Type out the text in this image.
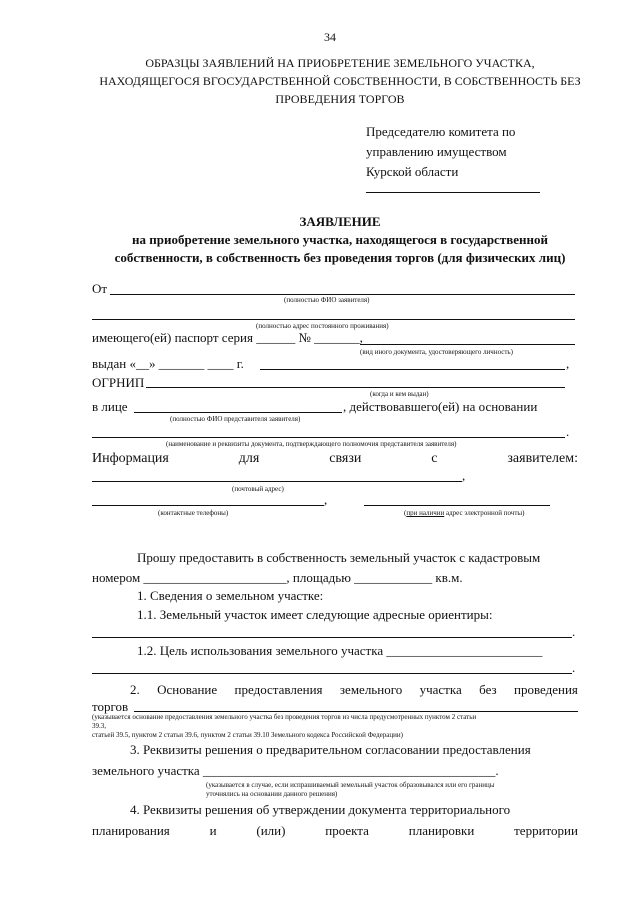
34
ОБРАЗЦЫ ЗАЯВЛЕНИЙ НА ПРИОБРЕТЕНИЕ ЗЕМЕЛЬНОГО УЧАСТКА,
НАХОДЯЩЕГОСЯ ВГОСУДАРСТВЕННОЙ СОБСТВЕННОСТИ, В СОБСТВЕННОСТЬ БЕЗ
ПРОВЕДЕНИЯ ТОРГОВ
Председателю комитета по
управлению имуществом
Курской области
ЗАЯВЛЕНИЕ
на приобретение земельного участка, находящегося в государственной
собственности, в собственность без проведения торгов (для физических лиц)
От
(полностью ФИО заявителя)
(полностью адрес постоянного проживания)
имеющего(ей) паспорт серия ______ № _______,
(вид иного документа, удостоверяющего личность)
выдан «__» _______ ____ г.	,
ОГРНИП
(когда и кем выдан)
в лице	, действовавшего(ей) на основании
(полностью ФИО представителя заявителя)
.
(наименование и реквизиты документа, подтверждающего полномочия представителя заявителя)
Информация	для	связи	с	заявителем:
,
(почтовый адрес)
,
(контактные телефоны)	(при наличии адрес электронной почты)
Прошу предоставить в собственность земельный участок с кадастровым
номером ______________________, площадью ____________ кв.м.
1. Сведения о земельном участке:
1.1. Земельный участок имеет следующие адресные ориентиры:
.
1.2. Цель использования земельного участка ________________________
.
2. Основание предоставления земельного участка без проведения
торгов
(указывается основание предоставления земельного участка без проведения торгов из числа предусмотренных пунктом 2 статьи
39.3,
статьей 39.5, пунктом 2 статьи 39.6, пунктом 2 статьи 39.10 Земельного кодекса Российской Федерации)
3. Реквизиты решения о предварительном согласовании предоставления
земельного участка _____________________________________________.
(указывается в случае, если испрашиваемый земельный участок образовывался или его границы
уточнялись на основании данного решения)
4. Реквизиты решения об утверждении документа территориального
планирования	и	(или)	проекта	планировки	территории
